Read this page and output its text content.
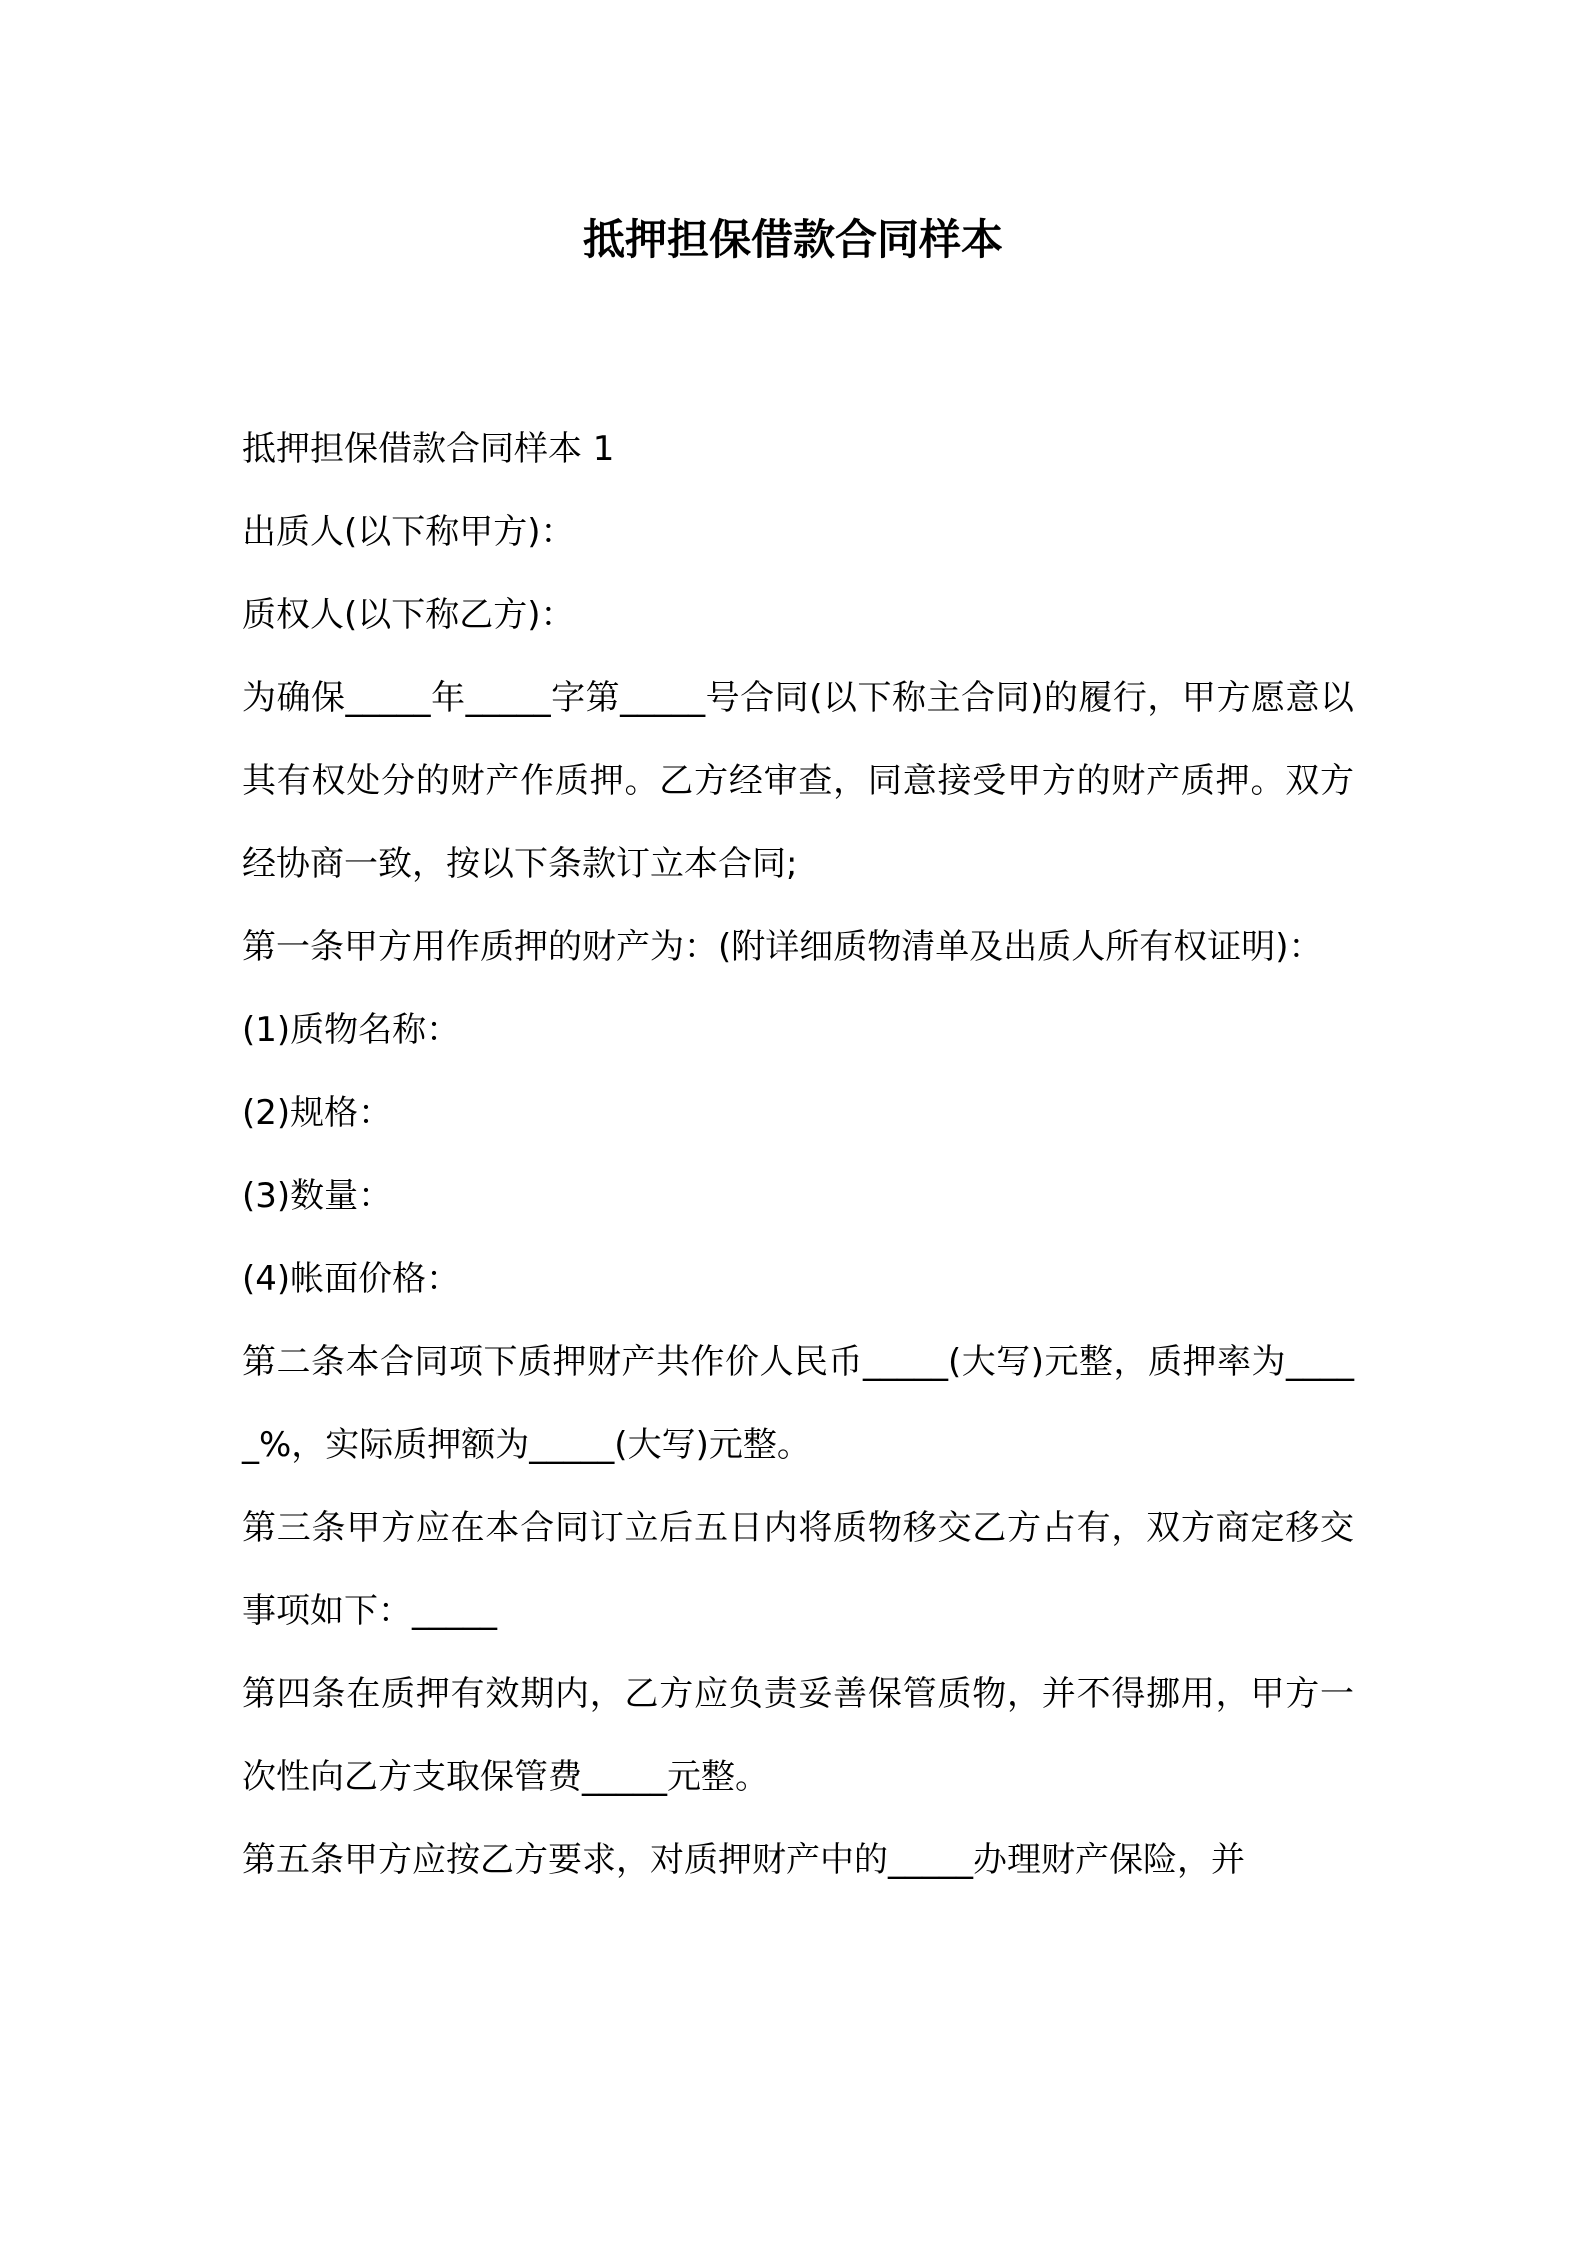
抵押担保借款合同样本

抵押担保借款合同样本 1

出质人(以下称甲方)：

质权人(以下称乙方)：

为确保_____年_____字第_____号合同(以下称主合同)的履行，甲方愿意以其有权处分的财产作质押。乙方经审查，同意接受甲方的财产质押。双方经协商一致，按以下条款订立本合同;

第一条甲方用作质押的财产为：(附详细质物清单及出质人所有权证明)：

(1)质物名称：

(2)规格：

(3)数量：

(4)帐面价格：

第二条本合同项下质押财产共作价人民币_____(大写)元整，质押率为_____%，实际质押额为_____(大写)元整。

第三条甲方应在本合同订立后五日内将质物移交乙方占有，双方商定移交事项如下：_____

第四条在质押有效期内，乙方应负责妥善保管质物，并不得挪用，甲方一次性向乙方支取保管费_____元整。

第五条甲方应按乙方要求，对质押财产中的_____办理财产保险，并
